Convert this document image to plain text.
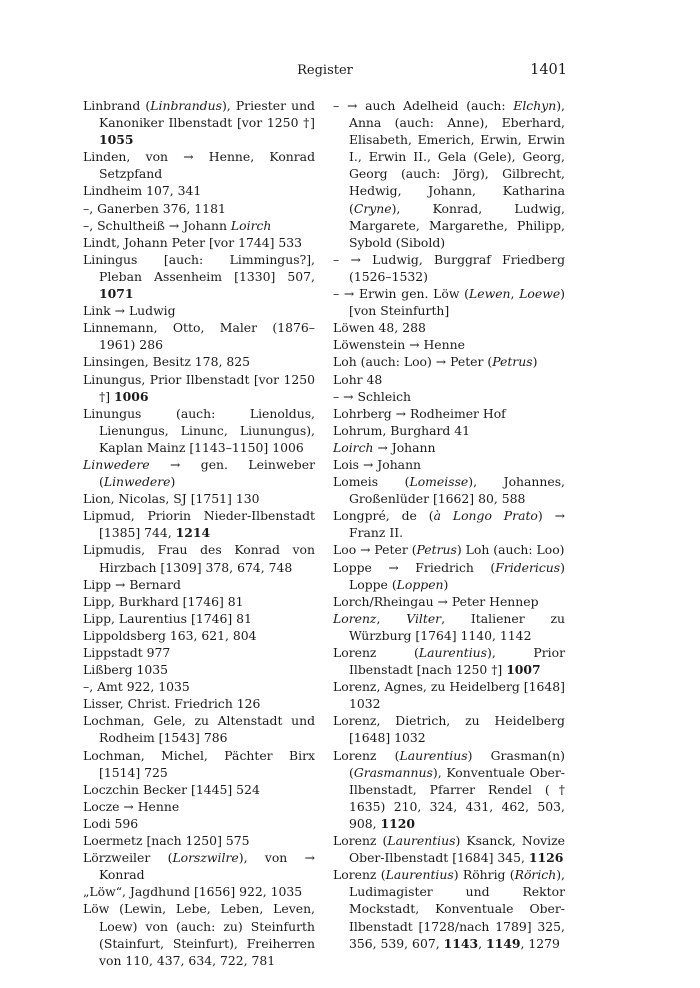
Register	1401

Linbrand (Linbrandus), Priester und Kanoniker Ilbenstadt [vor 1250 †] 1055

Linden, von → Henne, Konrad Setzpfand

Lindheim 107, 341

–, Ganerben 376, 1181

–, Schultheiß → Johann Loirch

Lindt, Johann Peter [vor 1744] 533

Liningus [auch: Limmingus?], Pleban Assenheim [1330] 507, 1071

Link → Ludwig

Linnemann, Otto, Maler (1876–1961) 286

Linsingen, Besitz 178, 825

Linungus, Prior Ilbenstadt [vor 1250 †] 1006

Linungus (auch: Lienoldus, Lienungus, Linunc, Liunungus), Kaplan Mainz [1143–1150] 1006

Linwedere → gen. Leinweber (Linwedere)

Lion, Nicolas, SJ [1751] 130

Lipmud, Priorin Nieder-Ilbenstadt [1385] 744, 1214

Lipmudis, Frau des Konrad von Hirzbach [1309] 378, 674, 748

Lipp → Bernard

Lipp, Burkhard [1746] 81

Lipp, Laurentius [1746] 81

Lippoldsberg 163, 621, 804

Lippstadt 977

Lißberg 1035

–, Amt 922, 1035

Lisser, Christ. Friedrich 126

Lochman, Gele, zu Altenstadt und Rodheim [1543] 786

Lochman, Michel, Pächter Birx [1514] 725

Loczchin Becker [1445] 524

Locze → Henne

Lodi 596

Loermetz [nach 1250] 575

Lörzweiler (Lorszwilre), von → Konrad

„Löw“, Jagdhund [1656] 922, 1035

Löw (Lewin, Lebe, Leben, Leven, Loew) von (auch: zu) Steinfurth (Stainfurt, Steinfurt), Freiherren von 110, 437, 634, 722, 781

– → auch Adelheid (auch: Elchyn), Anna (auch: Anne), Eberhard, Elisabeth, Emerich, Erwin, Erwin I., Erwin II., Gela (Gele), Georg, Georg (auch: Jörg), Gilbrecht, Hedwig, Johann, Katharina (Cryne), Konrad, Ludwig, Margarete, Margarethe, Philipp, Sybold (Sibold)

– → Ludwig, Burggraf Friedberg (1526–1532)

– → Erwin gen. Löw (Lewen, Loewe) [von Steinfurth]

Löwen 48, 288

Löwenstein → Henne

Loh (auch: Loo) → Peter (Petrus)

Lohr 48

– → Schleich

Lohrberg → Rodheimer Hof

Lohrum, Burghard 41

Loirch → Johann

Lois → Johann

Lomeis (Lomeisse), Johannes, Großenlüder [1662] 80, 588

Longpré, de (à Longo Prato) → Franz II.

Loo → Peter (Petrus) Loh (auch: Loo)

Loppe → Friedrich (Fridericus) Loppe (Loppen)

Lorch/Rheingau → Peter Hennep

Lorenz, Vilter, Italiener zu Würzburg [1764] 1140, 1142

Lorenz (Laurentius), Prior Ilbenstadt [nach 1250 †] 1007

Lorenz, Agnes, zu Heidelberg [1648] 1032

Lorenz, Dietrich, zu Heidelberg [1648] 1032

Lorenz (Laurentius) Grasman(n) (Grasmannus), Konventuale Ober-Ilbenstadt, Pfarrer Rendel († 1635) 210, 324, 431, 462, 503, 908, 1120

Lorenz (Laurentius) Ksanck, Novize Ober-Ilbenstadt [1684] 345, 1126

Lorenz (Laurentius) Röhrig (Rörich), Ludimagister und Rektor Mockstadt, Konventuale Ober-Ilbenstadt [1728/nach 1789] 325, 356, 539, 607, 1143, 1149, 1279
